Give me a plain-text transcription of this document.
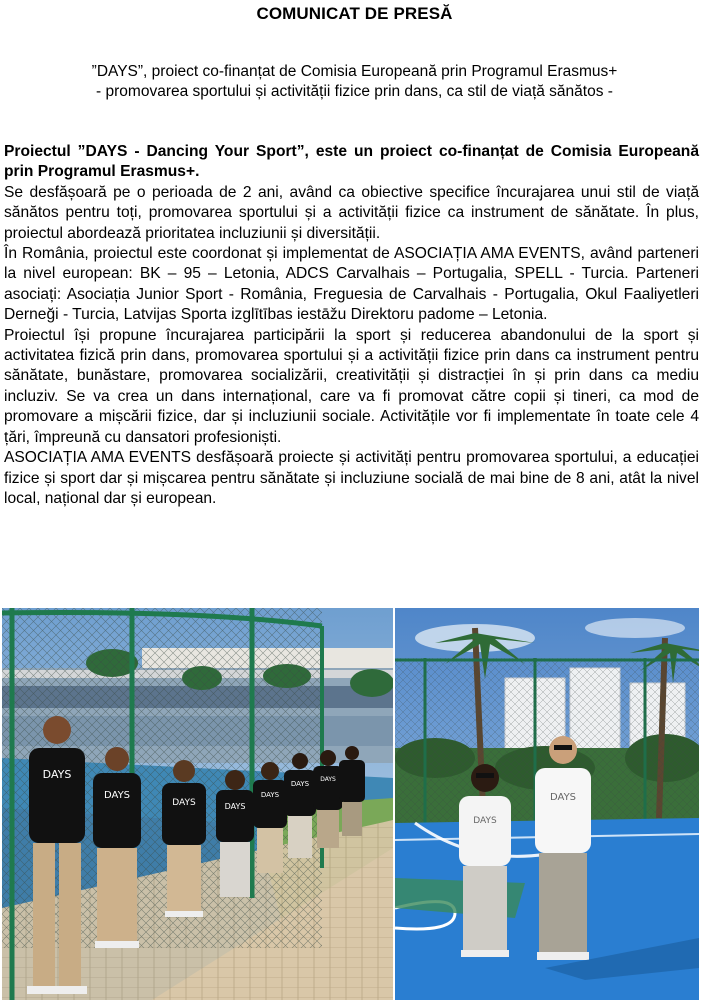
COMUNICAT DE PRESĂ
”DAYS”, proiect co-finanțat de Comisia Europeană prin Programul Erasmus+
- promovarea sportului și activității fizice prin dans, ca stil de viață sănătos -

Proiectul ”DAYS - Dancing Your Sport”, este un proiect co-finanțat de Comisia Europeană prin Programul Erasmus+.

Se desfășoară pe o perioada de 2 ani, având ca obiective specifice încurajarea unui stil de viață sănătos pentru toți, promovarea sportului și a activității fizice ca instrument de sănătate. În plus, proiectul abordează prioritatea incluziunii și diversității.

În România, proiectul este coordonat și implementat de ASOCIAȚIA AMA EVENTS, având parteneri la nivel european: BK – 95 – Letonia, ADCS Carvalhais – Portugalia, SPELL - Turcia. Parteneri asociați: Asociația Junior Sport - România, Freguesia de Carvalhais - Portugalia, Okul Faaliyetleri Derneği - Turcia, Latvijas Sporta izglītības iestāžu Direktoru padome – Letonia.

Proiectul își propune încurajarea participării la sport și reducerea abandonului de la sport și activitatea fizică prin dans, promovarea sportului și a activității fizice prin dans ca instrument pentru sănătate, bunăstare, promovarea socializării, creativității și distracției în și prin dans ca mediu incluziv. Se va crea un dans internațional, care va fi promovat către copii și tineri, ca mod de promovare a mișcării fizice, dar și incluziunii sociale. Activitățile vor fi implementate în toate cele 4 țări, împreună cu dansatori profesioniști.

ASOCIAȚIA AMA EVENTS desfășoară proiecte și activități pentru promovarea sportului, a educației fizice și sport dar și mișcarea pentru sănătate și incluziune socială de mai bine de 8 ani, atât la nivel local, național dar și european.

DAYS
DAYS
DAYS	DAYS
DAYS
DAYS
DAYS
DAYS
DAYS
